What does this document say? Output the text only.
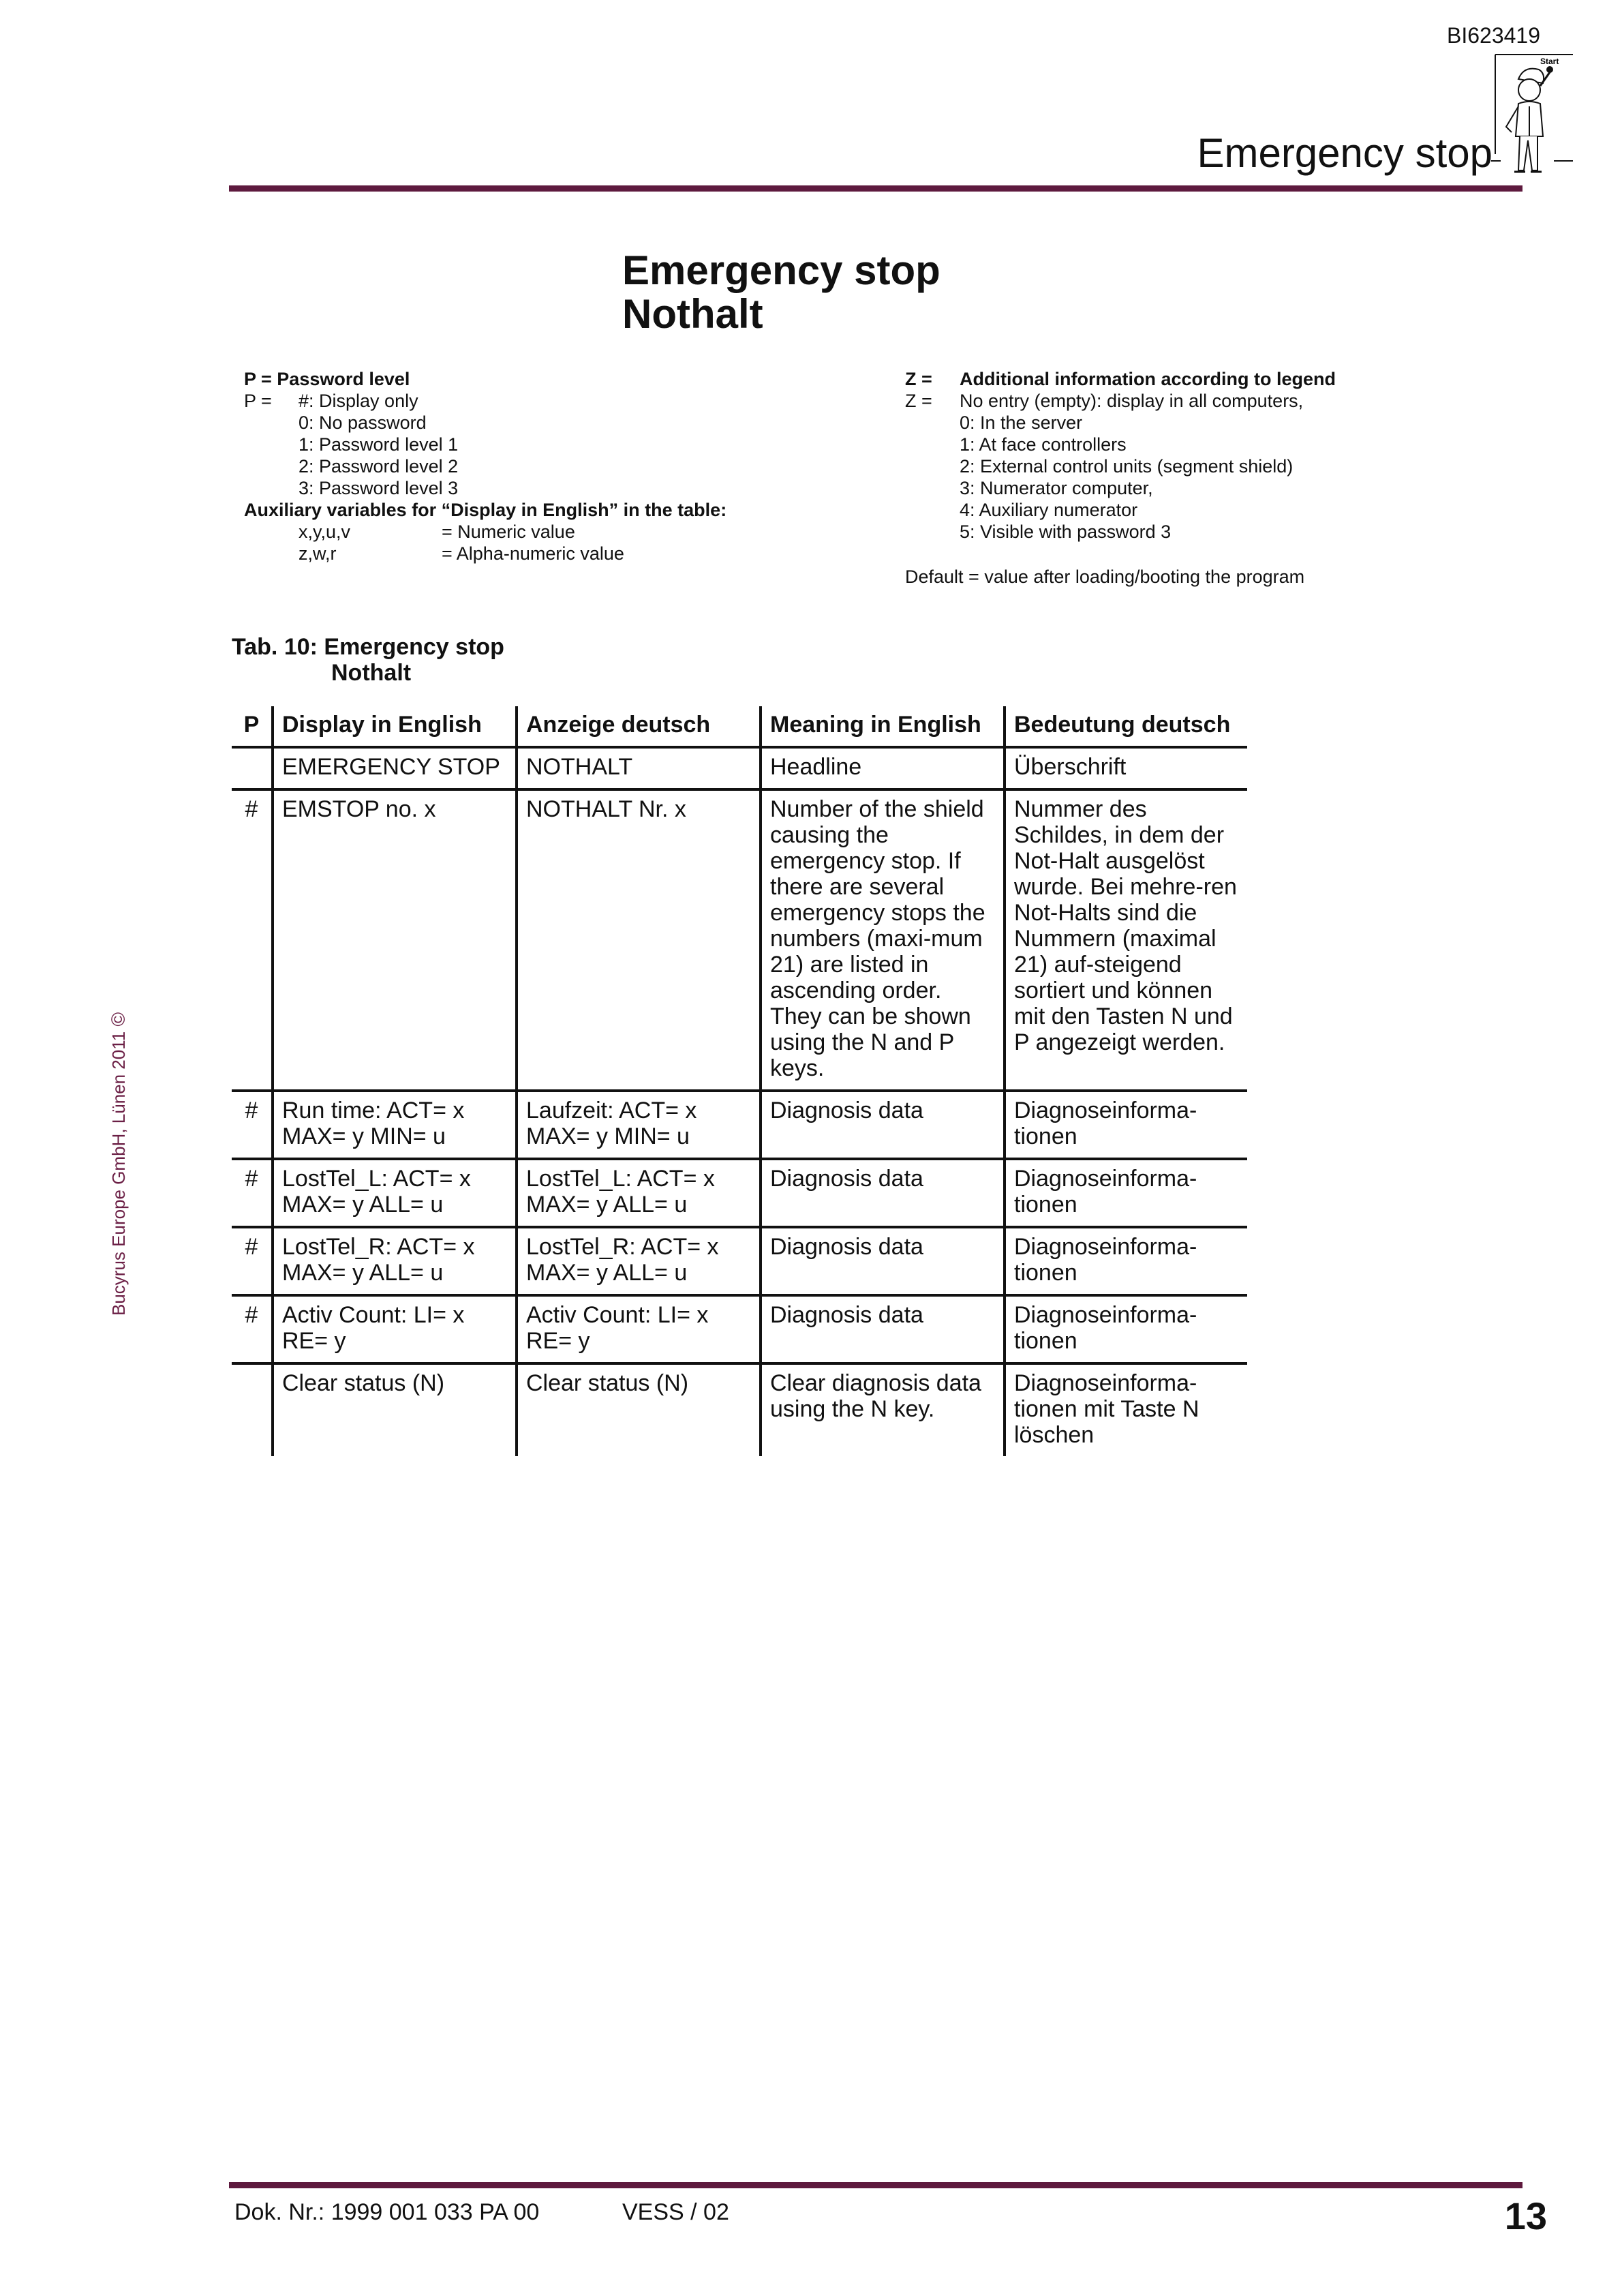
BI623419
Start
Emergency stop
Emergency stop
Nothalt
P = Password level
P =	#: Display only
0: No password
1: Password level 1
2: Password level 2
3: Password level 3
Auxiliary variables for “Display in English” in the table:
x,y,u,v	= Numeric value
z,w,r	= Alpha-numeric value
Z =	Additional information according to legend
Z =	No entry (empty): display in all computers,
0: In the server
1: At face controllers
2: External control units (segment shield)
3: Numerator computer,
4: Auxiliary numerator
5: Visible with password 3
Default = value after loading/booting the program
Tab. 10: Emergency stop
Nothalt
P	Display in English	Anzeige deutsch	Meaning in English	Bedeutung deutsch
	EMERGENCY STOP	NOTHALT	Headline	Überschrift
#	EMSTOP no. x	NOTHALT Nr. x	Number of the shield causing the emergency stop. If there are several emergency stops the numbers (maxi-mum 21) are listed in ascending order. They can be shown using the N and P keys.	Nummer des Schildes, in dem der Not-Halt ausgelöst wurde. Bei mehre-ren Not-Halts sind die Nummern (maximal 21) auf-steigend sortiert und können mit den Tasten N und P angezeigt werden.
#	Run time: ACT= x MAX= y MIN= u	Laufzeit: ACT= x MAX= y MIN= u	Diagnosis data	Diagnoseinforma-tionen
#	LostTel_L: ACT= x MAX= y ALL= u	LostTel_L: ACT= x MAX= y ALL= u	Diagnosis data	Diagnoseinforma-tionen
#	LostTel_R: ACT= x MAX= y ALL= u	LostTel_R: ACT= x MAX= y ALL= u	Diagnosis data	Diagnoseinforma-tionen
#	Activ Count: LI= x RE= y	Activ Count: LI= x RE= y	Diagnosis data	Diagnoseinforma-tionen
	Clear status (N)	Clear status (N)	Clear diagnosis data using the N key.	Diagnoseinforma-tionen mit Taste N löschen
Bucyrus Europe GmbH, Lünen 2011 ©
Dok. Nr.: 1999 001 033 PA 00	VESS / 02	13
